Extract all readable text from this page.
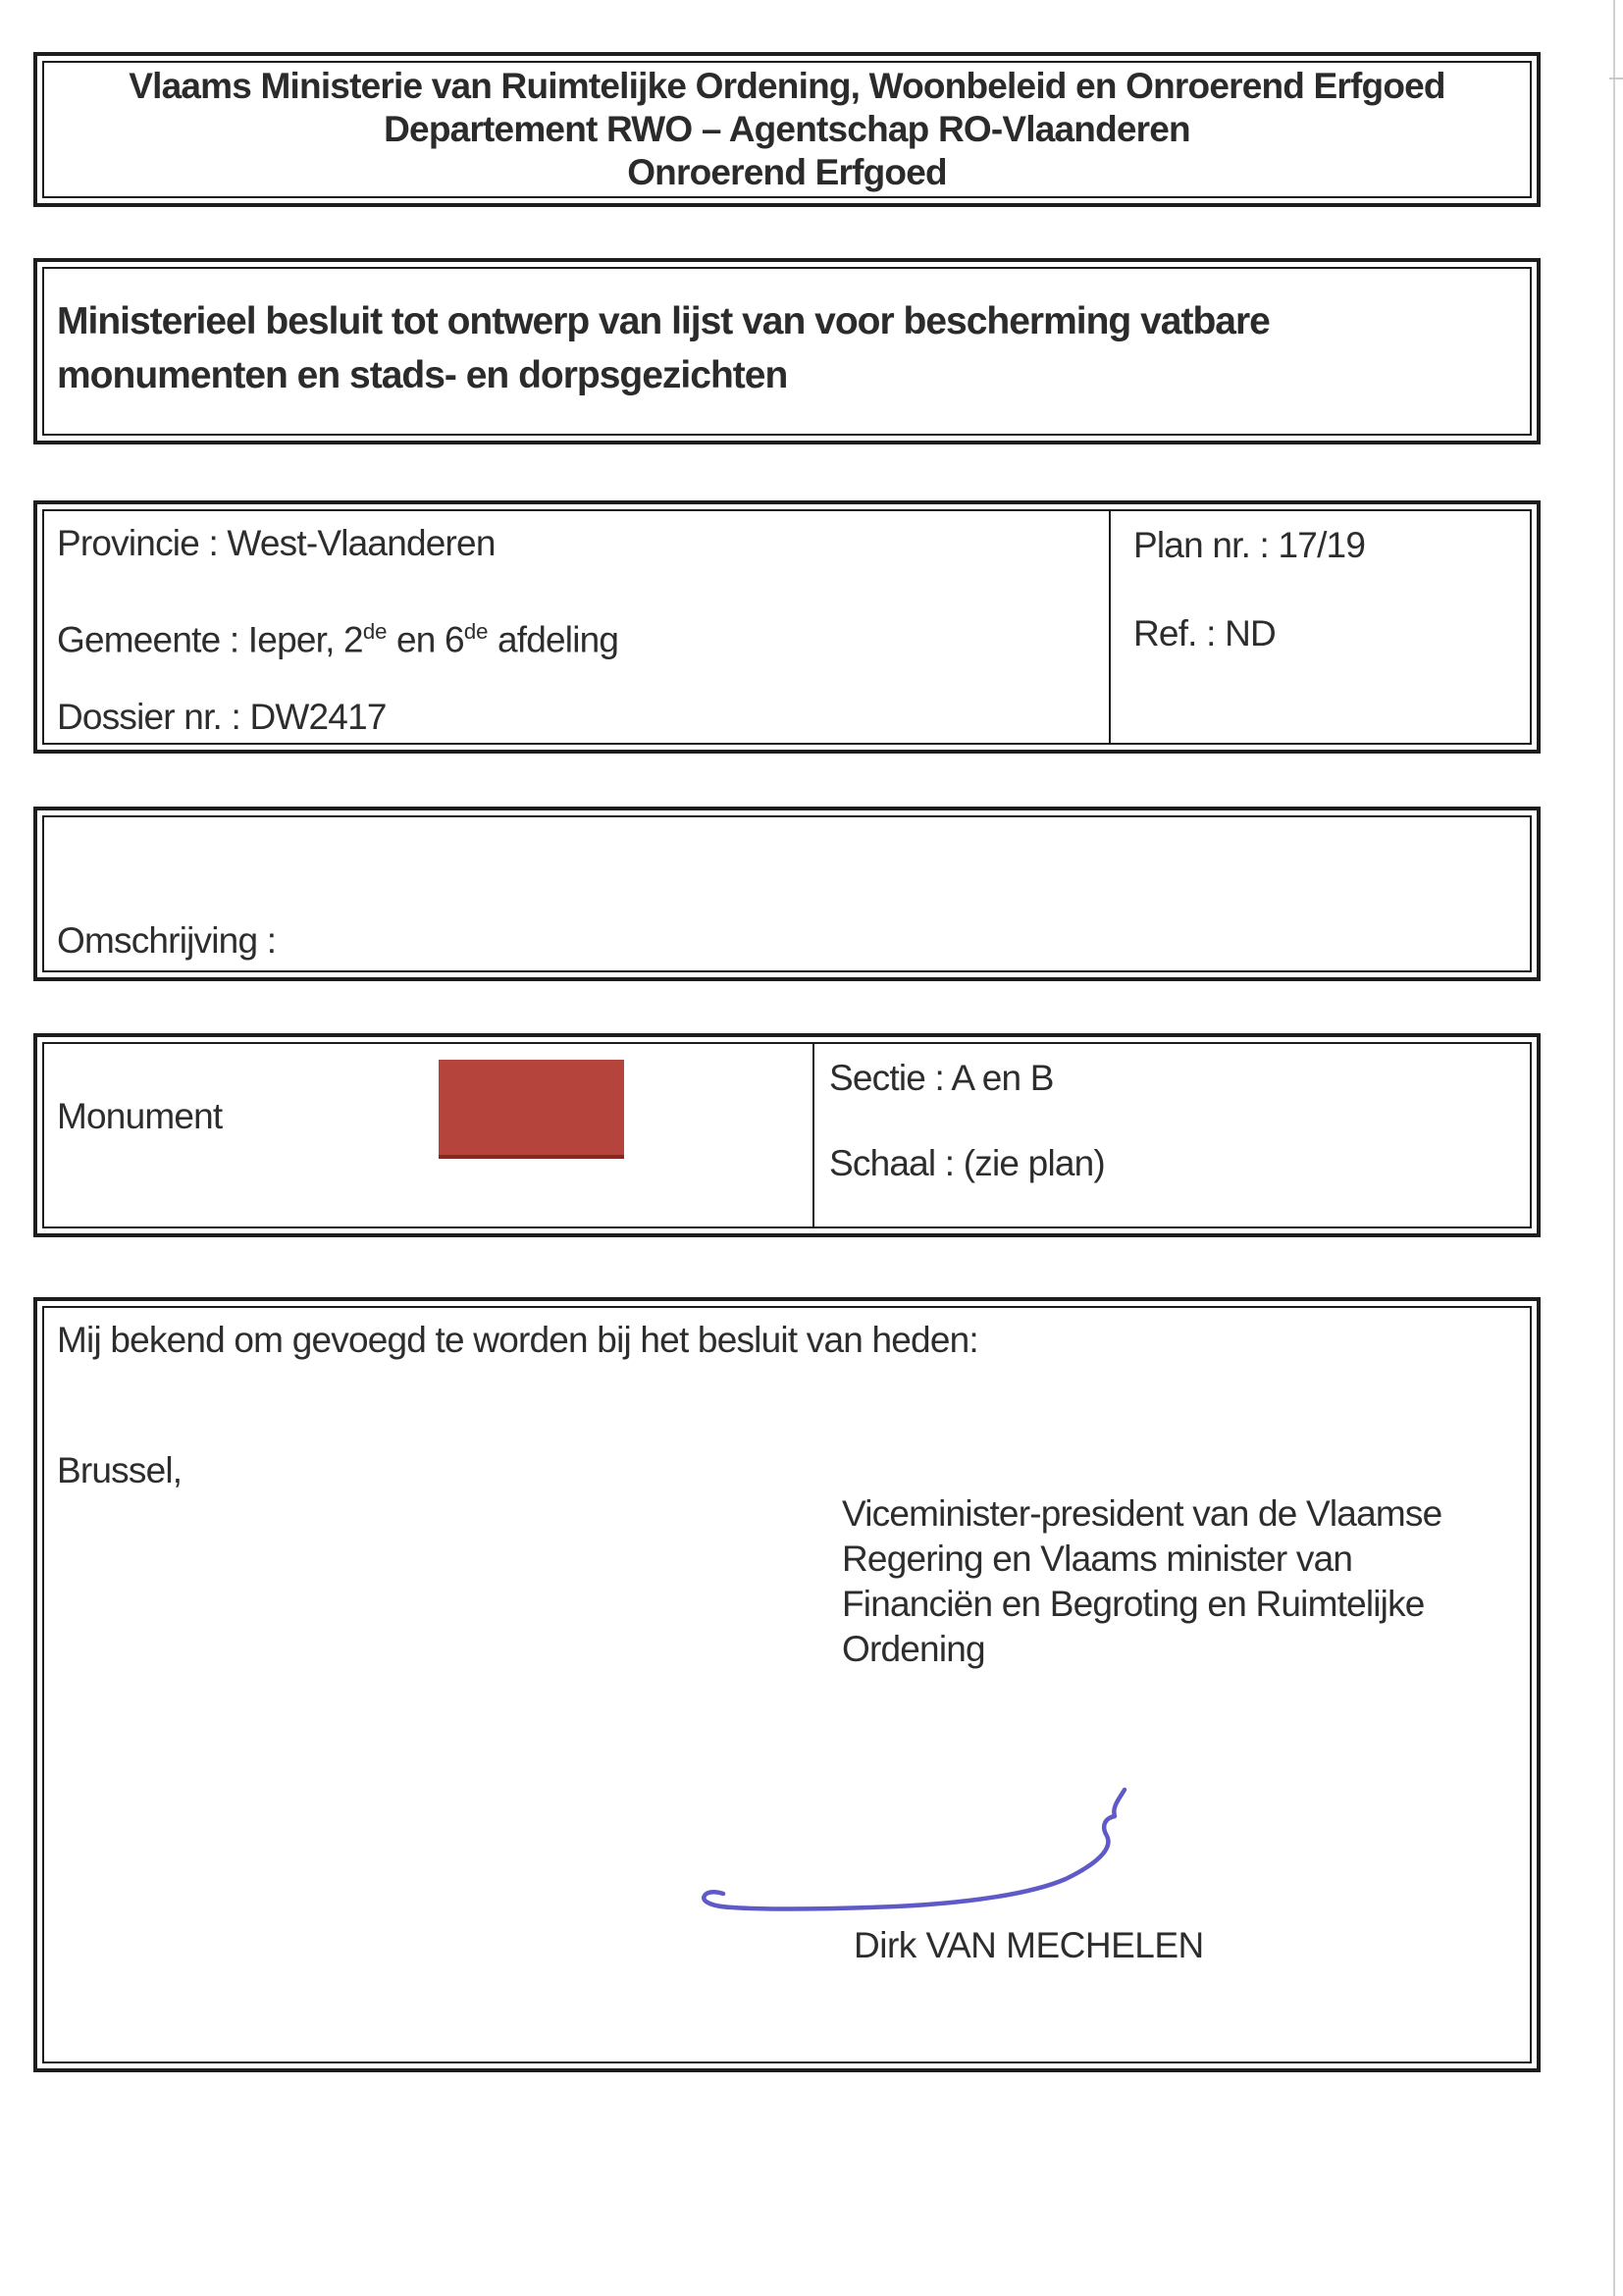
Vlaams Ministerie van Ruimtelijke Ordening, Woonbeleid en Onroerend Erfgoed
Departement RWO – Agentschap RO-Vlaanderen
Onroerend Erfgoed
Ministerieel besluit tot ontwerp van lijst van voor bescherming vatbare
monumenten en stads- en dorpsgezichten
Provincie : West-Vlaanderen
Gemeente : Ieper, 2de en 6de afdeling
Dossier nr. : DW2417
Plan nr. : 17/19
Ref. : ND

Omschrijving :

Monument
Sectie : A en B
Schaal : (zie plan)
Mij bekend om gevoegd te worden bij het besluit van heden:
Brussel,
Viceminister-president van de Vlaamse
Regering en Vlaams minister van
Financiën en Begroting en Ruimtelijke
Ordening
Dirk VAN MECHELEN
